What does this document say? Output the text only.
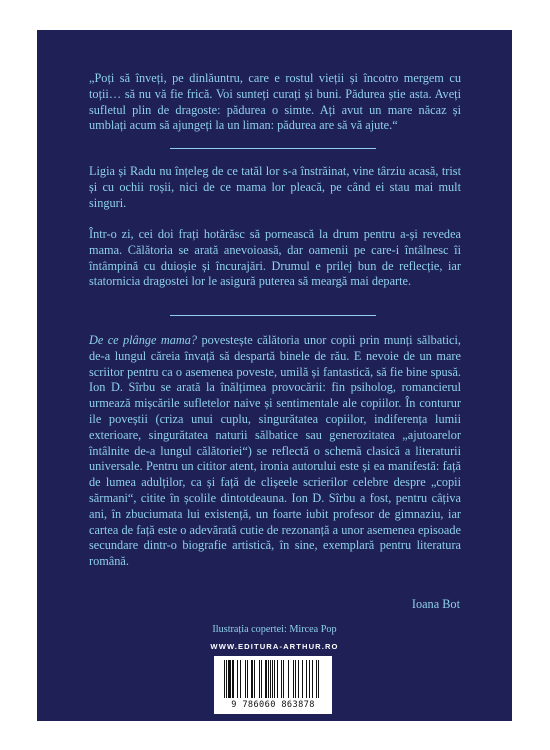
„Poți să înveți, pe dinlăuntru, care e rostul vieții și încotro mergem cu toții… să nu vă fie frică. Voi sunteți curați și buni. Pădurea știe asta. Aveți sufletul plin de dragoste: pădurea o simte. Ați avut un mare năcaz și umblați acum să ajungeți la un liman: pădurea are să vă ajute.“

Ligia și Radu nu înțeleg de ce tatăl lor s-a înstrăinat, vine târziu acasă, trist și cu ochii roșii, nici de ce mama lor pleacă, pe când ei stau mai mult singuri.

Într-o zi, cei doi frați hotărăsc să pornească la drum pentru a-și revedea mama. Călătoria se arată anevoioasă, dar oamenii pe care-i întâlnesc îi întâmpină cu duioșie și încurajări. Drumul e prilej bun de reflecție, iar statornicia dragostei lor le asigură puterea să meargă mai departe.

De ce plânge mama? povestește călătoria unor copii prin munți sălbatici, de-a lungul căreia învață să despartă binele de rău. E nevoie de un mare scriitor pentru ca o asemenea poveste, umilă și fantastică, să fie bine spusă. Ion D. Sîrbu se arată la înălțimea provocării: fin psiholog, romancierul urmează mișcările sufletelor naive și sentimentale ale copiilor. În conturur ile poveștii (criza unui cuplu, singurătatea copiilor, indiferența lumii exterioare, singurătatea naturii sălbatice sau generozitatea „ajutoarelor întâlnite de-a lungul călătoriei“) se reflectă o schemă clasică a literaturii universale. Pentru un cititor atent, ironia autorului este și ea manifestă: față de lumea adulților, ca și față de clișeele scrierilor celebre despre „copii sărmani“, citite în școlile dintotdeauna. Ion D. Sîrbu a fost, pentru câțiva ani, în zbuciumata lui existență, un foarte iubit profesor de gimnaziu, iar cartea de față este o adevărată cutie de rezonanță a unor asemenea episoade secundare dintr-o biografie artistică, în sine, exemplară pentru literatura română.

Ioana Bot

Ilustrația copertei: Mircea Pop

WWW.EDITURA-ARTHUR.RO

9 786060 863878
